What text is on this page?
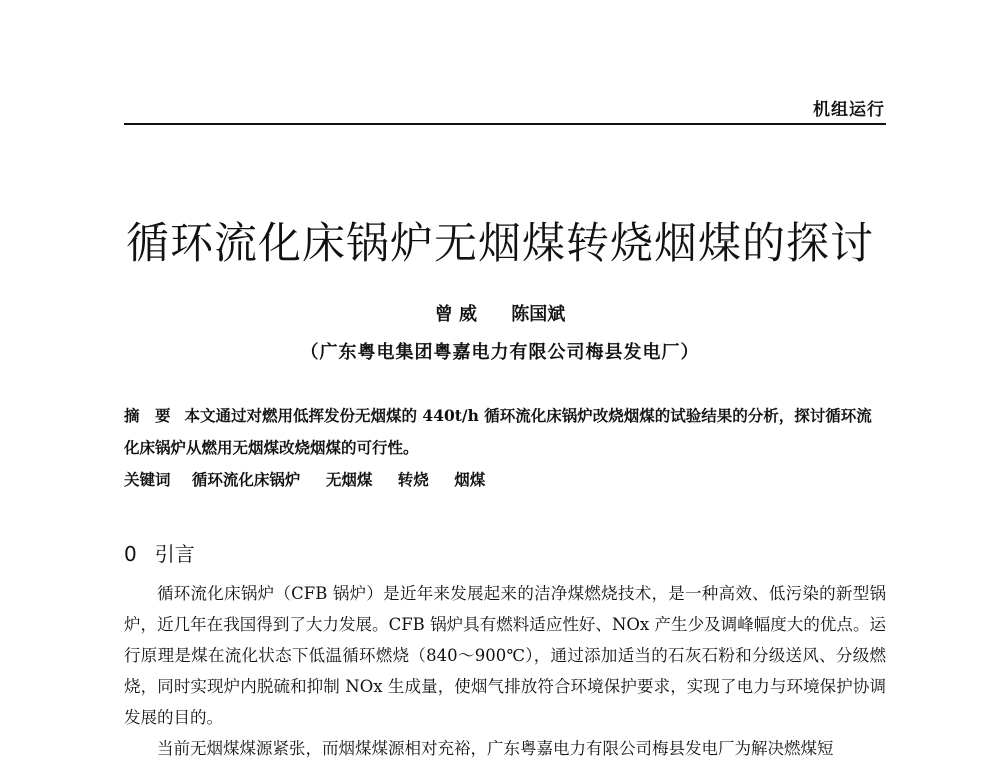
机组运行
循环流化床锅炉无烟煤转烧烟煤的探讨
曾 威 陈国斌
（广东粤电集团粤嘉电力有限公司梅县发电厂）
摘　要 本文通过对燃用低挥发份无烟煤的 440t/h 循环流化床锅炉改烧烟煤的试验结果的分析，探讨循环流化床锅炉从燃用无烟煤改烧烟煤的可行性。
关键词 循环流化床锅炉 无烟煤 转烧 烟煤
0 引言

循环流化床锅炉（CFB 锅炉）是近年来发展起来的洁净煤燃烧技术，是一种高效、低污染的新型锅炉，近几年在我国得到了大力发展。CFB 锅炉具有燃料适应性好、NOx 产生少及调峰幅度大的优点。运行原理是煤在流化状态下低温循环燃烧（840～900℃），通过添加适当的石灰石粉和分级送风、分级燃烧，同时实现炉内脱硫和抑制 NOx 生成量，使烟气排放符合环境保护要求，实现了电力与环境保护协调发展的目的。

当前无烟煤煤源紧张，而烟煤煤源相对充裕，广东粤嘉电力有限公司梅县发电厂为解决燃煤短
